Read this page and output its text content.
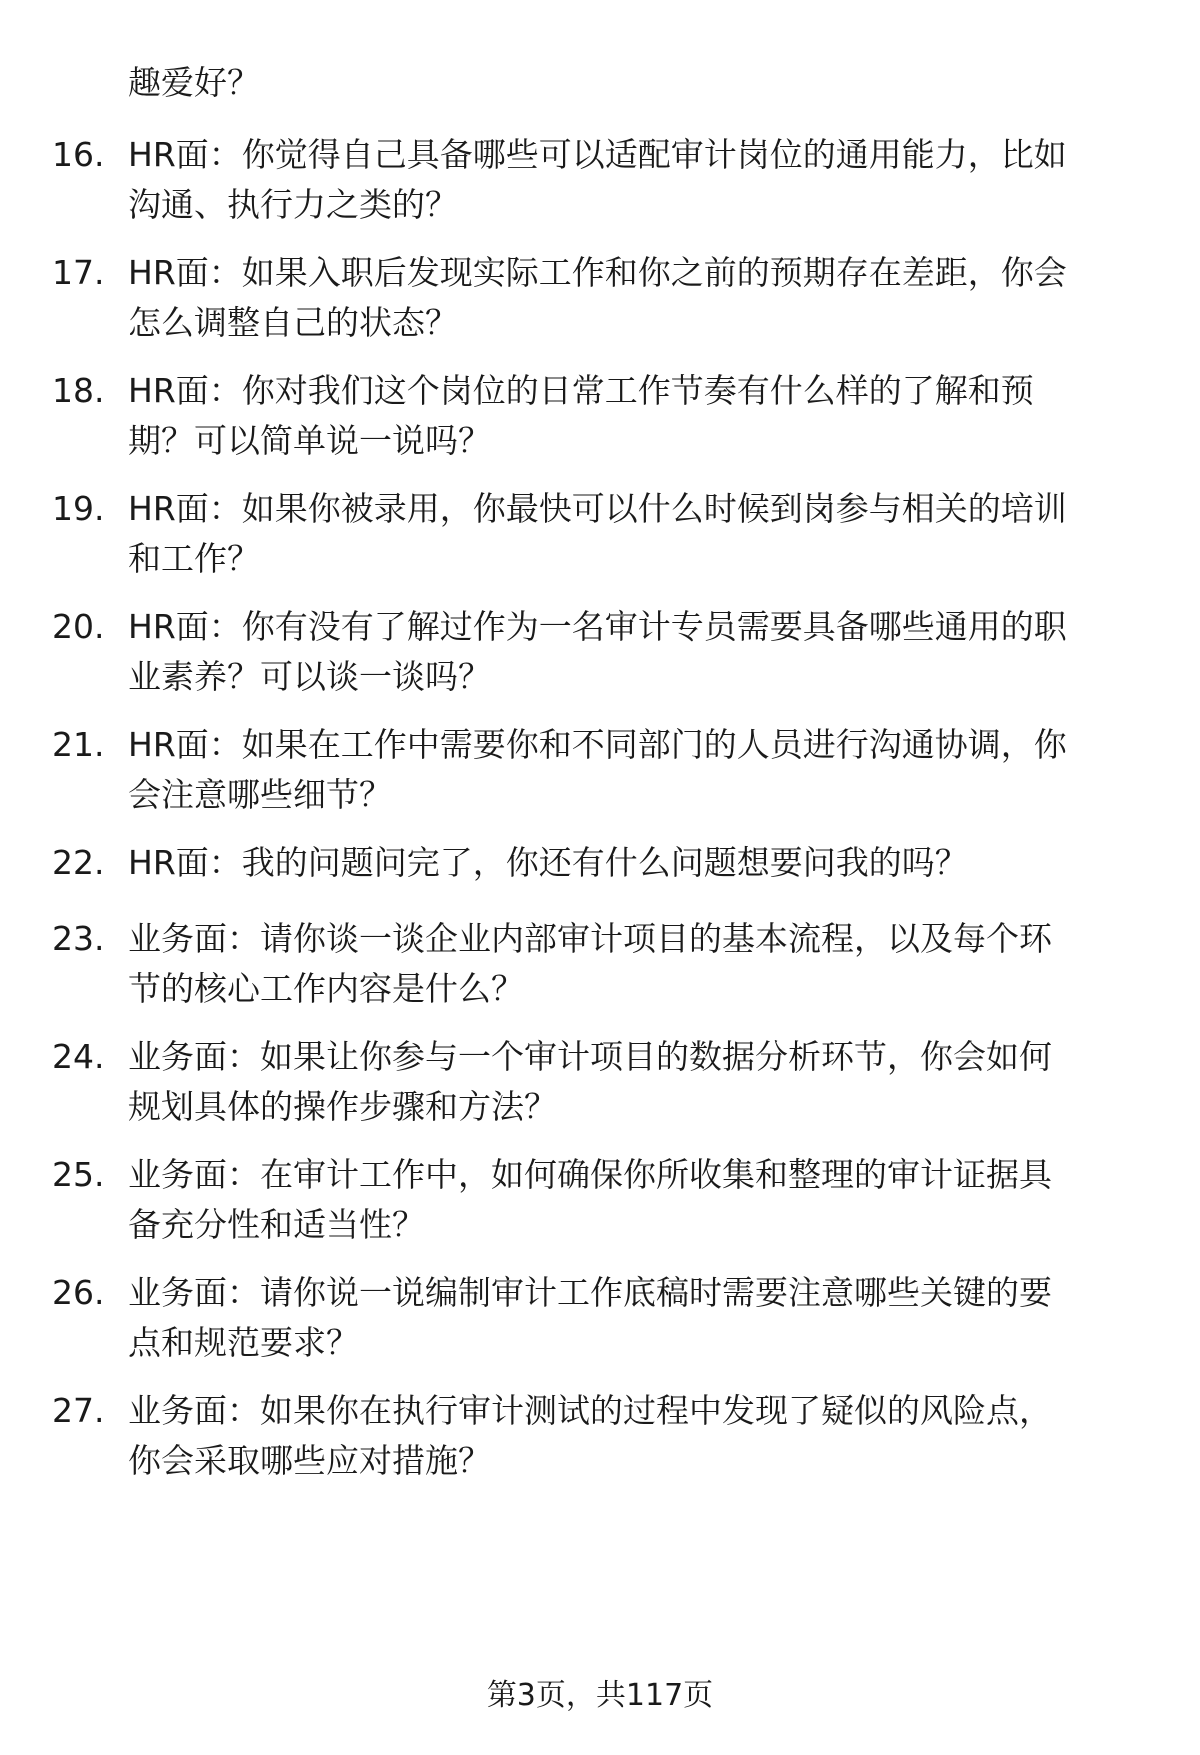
趣爱好？
16. HR面：你觉得自己具备哪些可以适配审计岗位的通用能力，比如
沟通、执行力之类的？
17. HR面：如果入职后发现实际工作和你之前的预期存在差距，你会
怎么调整自己的状态？
18. HR面：你对我们这个岗位的日常工作节奏有什么样的了解和预
期？可以简单说一说吗？
19. HR面：如果你被录用，你最快可以什么时候到岗参与相关的培训
和工作？
20. HR面：你有没有了解过作为一名审计专员需要具备哪些通用的职
业素养？可以谈一谈吗？
21. HR面：如果在工作中需要你和不同部门的人员进行沟通协调，你
会注意哪些细节？
22. HR面：我的问题问完了，你还有什么问题想要问我的吗？
23. 业务面：请你谈一谈企业内部审计项目的基本流程，以及每个环
节的核心工作内容是什么？
24. 业务面：如果让你参与一个审计项目的数据分析环节，你会如何
规划具体的操作步骤和方法？
25. 业务面：在审计工作中，如何确保你所收集和整理的审计证据具
备充分性和适当性？
26. 业务面：请你说一说编制审计工作底稿时需要注意哪些关键的要
点和规范要求？
27. 业务面：如果你在执行审计测试的过程中发现了疑似的风险点，
你会采取哪些应对措施？
第3页，共117页
